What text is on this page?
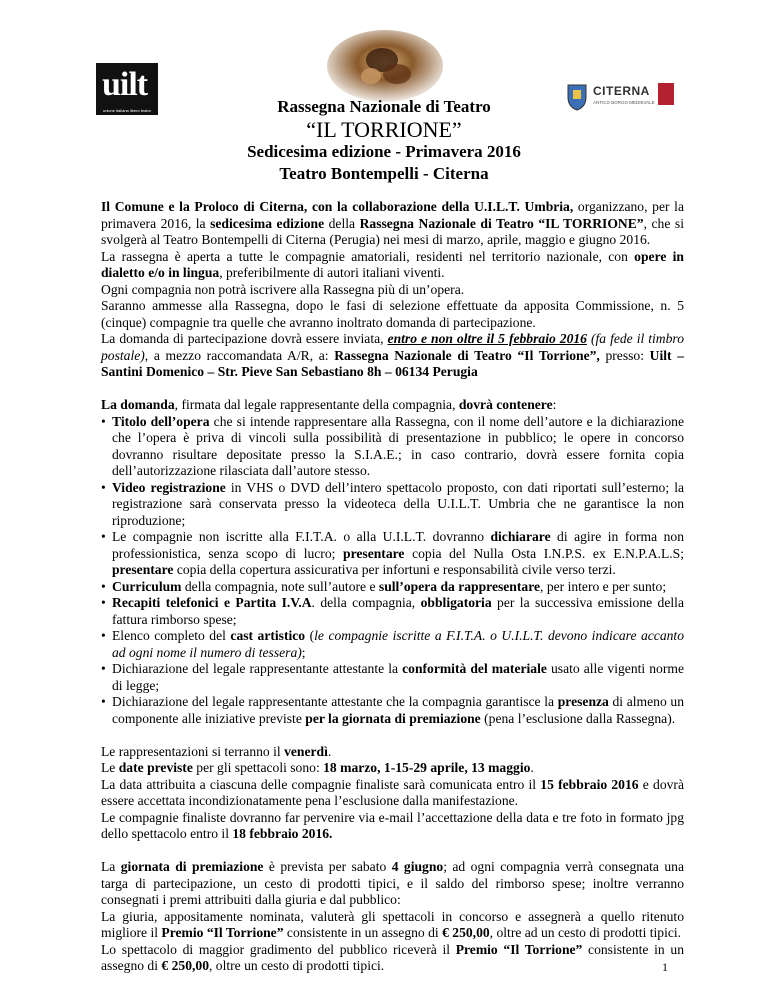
uilt
unione italiana libero teatro
CITERNA
ANTICO BORGO MEDIEVALE
Rassegna Nazionale di Teatro
“IL TORRIONE”
Sedicesima edizione - Primavera 2016
Teatro Bontempelli - Citerna

Il Comune e la Proloco di Citerna, con la collaborazione della U.I.L.T. Umbria, organizzano, per la primavera 2016, la sedicesima edizione della Rassegna Nazionale di Teatro “IL TORRIONE”, che si svolgerà al Teatro Bontempelli di Citerna (Perugia) nei mesi di marzo, aprile, maggio e giugno 2016.

La rassegna è aperta a tutte le compagnie amatoriali, residenti nel territorio nazionale, con opere in dialetto e/o in lingua, preferibilmente di autori italiani viventi.

Ogni compagnia non potrà iscrivere alla Rassegna più di un’opera.

Saranno ammesse alla Rassegna, dopo le fasi di selezione effettuate da apposita Commissione, n. 5 (cinque) compagnie tra quelle che avranno inoltrato domanda di partecipazione.

La domanda di partecipazione dovrà essere inviata, entro e non oltre il 5 febbraio 2016 (fa fede il timbro postale), a mezzo raccomandata A/R, a: Rassegna Nazionale di Teatro “Il Torrione”, presso: Uilt – Santini Domenico – Str. Pieve San Sebastiano 8h – 06134 Perugia

La domanda, firmata dal legale rappresentante della compagnia, dovrà contenere:

• Titolo dell’opera che si intende rappresentare alla Rassegna, con il nome dell’autore e la dichiarazione che l’opera è priva di vincoli sulla possibilità di presentazione in pubblico; le opere in concorso dovranno risultare depositate presso la S.I.A.E.; in caso contrario, dovrà essere fornita copia dell’autorizzazione rilasciata dall’autore stesso.
• Video registrazione in VHS o DVD dell’intero spettacolo proposto, con dati riportati sull’esterno; la registrazione sarà conservata presso la videoteca della U.I.L.T. Umbria che ne garantisce la non riproduzione;
• Le compagnie non iscritte alla F.I.T.A. o alla U.I.L.T. dovranno dichiarare di agire in forma non professionistica, senza scopo di lucro; presentare copia del Nulla Osta I.N.P.S. ex E.N.P.A.L.S; presentare copia della copertura assicurativa per infortuni e responsabilità civile verso terzi.
• Curriculum della compagnia, note sull’autore e sull’opera da rappresentare, per intero e per sunto;
• Recapiti telefonici e Partita I.V.A. della compagnia, obbligatoria per la successiva emissione della fattura rimborso spese;
• Elenco completo del cast artistico (le compagnie iscritte a F.I.T.A. o U.I.L.T. devono indicare accanto ad ogni nome il numero di tessera);
• Dichiarazione del legale rappresentante attestante la conformità del materiale usato alle vigenti norme di legge;
• Dichiarazione del legale rappresentante attestante che la compagnia garantisce la presenza di almeno un componente alle iniziative previste per la giornata di premiazione (pena l’esclusione dalla Rassegna).

Le rappresentazioni si terranno il venerdì.

Le date previste per gli spettacoli sono: 18 marzo, 1-15-29 aprile, 13 maggio.

La data attribuita a ciascuna delle compagnie finaliste sarà comunicata entro il 15 febbraio 2016 e dovrà essere accettata incondizionatamente pena l’esclusione dalla manifestazione.

Le compagnie finaliste dovranno far pervenire via e-mail l’accettazione della data e tre foto in formato jpg dello spettacolo entro il 18 febbraio 2016.

La giornata di premiazione è prevista per sabato 4 giugno; ad ogni compagnia verrà consegnata una targa di partecipazione, un cesto di prodotti tipici, e il saldo del rimborso spese; inoltre verranno consegnati i premi attribuiti dalla giuria e dal pubblico:

La giuria, appositamente nominata, valuterà gli spettacoli in concorso e assegnerà a quello ritenuto migliore il Premio “Il Torrione” consistente in un assegno di € 250,00, oltre ad un cesto di prodotti tipici.

Lo spettacolo di maggior gradimento del pubblico riceverà il Premio “Il Torrione” consistente in un assegno di € 250,00, oltre un cesto di prodotti tipici.	1
